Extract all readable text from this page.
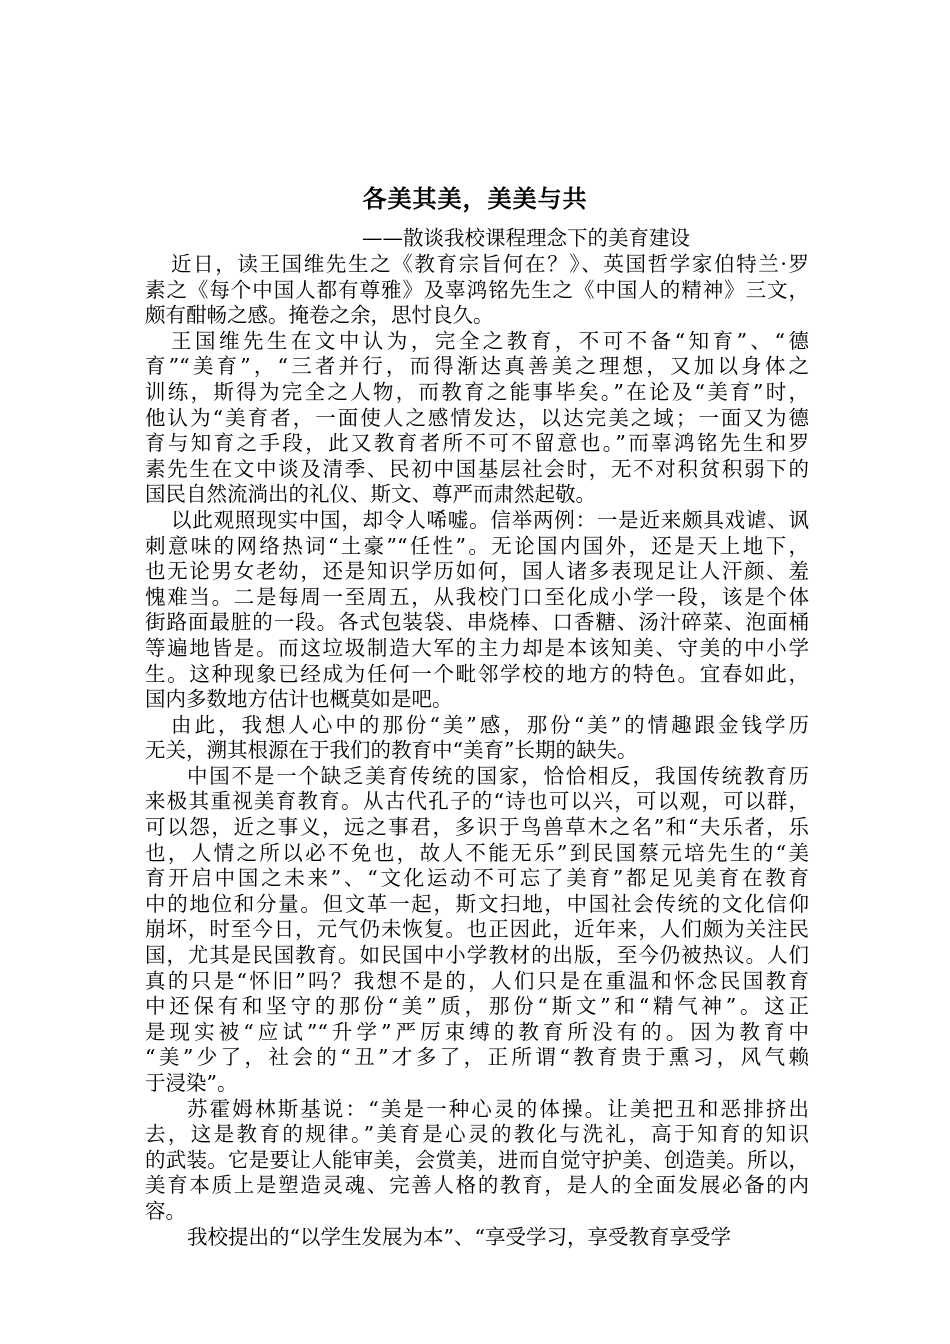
各美其美，美美与共
——散谈我校课程理念下的美育建设
近日，读王国维先生之《教育宗旨何在？》、英国哲学家伯特兰·罗
素之《每个中国人都有尊雅》及辜鸿铭先生之《中国人的精神》三文，
颇有酣畅之感。掩卷之余，思忖良久。
王国维先生在文中认为，完全之教育，不可不备“知育”、“德
育”“美育”，“三者并行，而得渐达真善美之理想，又加以身体之
训练，斯得为完全之人物，而教育之能事毕矣。”在论及“美育”时，
他认为“美育者，一面使人之感情发达，以达完美之域；一面又为德
育与知育之手段，此又教育者所不可不留意也。”而辜鸿铭先生和罗
素先生在文中谈及清季、民初中国基层社会时，无不对积贫积弱下的
国民自然流淌出的礼仪、斯文、尊严而肃然起敬。
以此观照现实中国，却令人唏嘘。信举两例：一是近来颇具戏谑、讽
刺意味的网络热词“土豪”“任性”。无论国内国外，还是天上地下，
也无论男女老幼，还是知识学历如何，国人诸多表现足让人汗颜、羞
愧难当。二是每周一至周五，从我校门口至化成小学一段，该是个体
街路面最脏的一段。各式包装袋、串烧棒、口香糖、汤汁碎菜、泡面桶
等遍地皆是。而这垃圾制造大军的主力却是本该知美、守美的中小学
生。这种现象已经成为任何一个毗邻学校的地方的特色。宜春如此，
国内多数地方估计也概莫如是吧。
由此，我想人心中的那份“美”感，那份“美”的情趣跟金钱学历
无关，溯其根源在于我们的教育中“美育”长期的缺失。
中国不是一个缺乏美育传统的国家，恰恰相反，我国传统教育历
来极其重视美育教育。从古代孔子的“诗也可以兴，可以观，可以群，
可以怨，近之事义，远之事君，多识于鸟兽草木之名”和“夫乐者，乐
也，人情之所以必不免也，故人不能无乐”到民国蔡元培先生的“美
育开启中国之未来”、“文化运动不可忘了美育”都足见美育在教育
中的地位和分量。但文革一起，斯文扫地，中国社会传统的文化信仰
崩坏，时至今日，元气仍未恢复。也正因此，近年来，人们颇为关注民
国，尤其是民国教育。如民国中小学教材的出版，至今仍被热议。人们
真的只是“怀旧”吗？我想不是的，人们只是在重温和怀念民国教育
中还保有和坚守的那份“美”质，那份“斯文”和“精气神”。这正
是现实被“应试”“升学”严厉束缚的教育所没有的。因为教育中
“美”少了，社会的“丑”才多了，正所谓“教育贵于熏习，风气赖
于浸染”。
苏霍姆林斯基说：“美是一种心灵的体操。让美把丑和恶排挤出
去，这是教育的规律。”美育是心灵的教化与洗礼，高于知育的知识
的武装。它是要让人能审美，会赏美，进而自觉守护美、创造美。所以，
美育本质上是塑造灵魂、完善人格的教育，是人的全面发展必备的内
容。
我校提出的“以学生发展为本”、“享受学习，享受教育享受学
